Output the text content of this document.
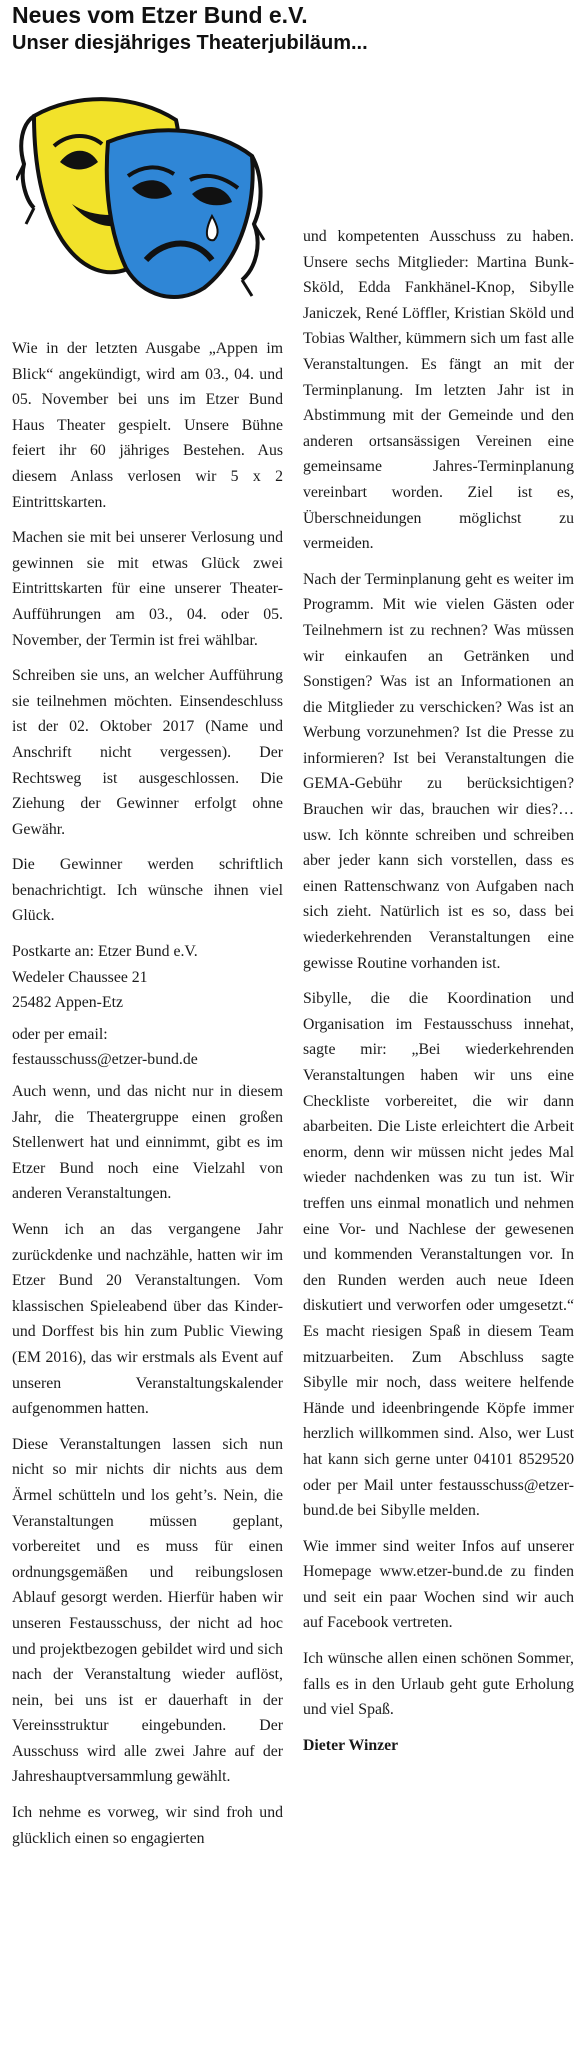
Neues vom Etzer Bund e.V.
Unser diesjähriges Theaterjubiläum...

Wie in der letzten Ausgabe „Appen im Blick“ angekündigt, wird am 03., 04. und 05. November bei uns im Etzer Bund Haus Theater gespielt. Unsere Bühne feiert ihr 60 jähriges Bestehen. Aus diesem Anlass verlosen wir 5 x 2 Eintrittskarten.

Machen sie mit bei unserer Verlosung und gewinnen sie mit etwas Glück zwei Eintrittskarten für eine unserer Theater-Aufführungen am 03., 04. oder 05. November, der Termin ist frei wählbar.

Schreiben sie uns, an welcher Aufführung sie teilnehmen möchten. Einsendeschluss ist der 02. Oktober 2017 (Name und Anschrift nicht vergessen). Der Rechtsweg ist ausgeschlossen. Die Ziehung der Gewinner erfolgt ohne Gewähr.

Die Gewinner werden schriftlich benachrichtigt. Ich wünsche ihnen viel Glück.

Postkarte an: Etzer Bund e.V.
Wedeler Chaussee 21
25482 Appen-Etz

oder per email:
festausschuss@etzer-bund.de

Auch wenn, und das nicht nur in diesem Jahr, die Theatergruppe einen großen Stellenwert hat und einnimmt, gibt es im Etzer Bund noch eine Vielzahl von anderen Veranstaltungen.

Wenn ich an das vergangene Jahr zurückdenke und nachzähle, hatten wir im Etzer Bund 20 Veranstaltungen. Vom klassischen Spieleabend über das Kinder- und Dorffest bis hin zum Public Viewing (EM 2016), das wir erstmals als Event auf unseren Veranstaltungskalender aufgenommen hatten.

Diese Veranstaltungen lassen sich nun nicht so mir nichts dir nichts aus dem Ärmel schütteln und los geht’s. Nein, die Veranstaltungen müssen geplant, vorbereitet und es muss für einen ordnungsgemäßen und reibungslosen Ablauf gesorgt werden. Hierfür haben wir unseren Festausschuss, der nicht ad hoc und projektbezogen gebildet wird und sich nach der Veranstaltung wieder auflöst, nein, bei uns ist er dauerhaft in der Vereinsstruktur eingebunden. Der Ausschuss wird alle zwei Jahre auf der Jahreshauptversammlung gewählt.

Ich nehme es vorweg, wir sind froh und glücklich einen so engagierten

und kompetenten Ausschuss zu haben. Unsere sechs Mitglieder: Martina Bunk-Sköld, Edda Fankhänel-Knop, Sibylle Janiczek, René Löffler, Kristian Sköld und Tobias Walther, kümmern sich um fast alle Veranstaltungen. Es fängt an mit der Terminplanung. Im letzten Jahr ist in Abstimmung mit der Gemeinde und den anderen ortsansässigen Vereinen eine gemeinsame Jahres-Terminplanung vereinbart worden. Ziel ist es, Überschneidungen möglichst zu vermeiden.

Nach der Terminplanung geht es weiter im Programm. Mit wie vielen Gästen oder Teilnehmern ist zu rechnen? Was müssen wir einkaufen an Getränken und Sonstigen? Was ist an Informationen an die Mitglieder zu verschicken? Was ist an Werbung vorzunehmen? Ist die Presse zu informieren? Ist bei Veranstaltungen die GEMA-Gebühr zu berücksichtigen? Brauchen wir das, brauchen wir dies?…usw. Ich könnte schreiben und schreiben aber jeder kann sich vorstellen, dass es einen Rattenschwanz von Aufgaben nach sich zieht. Natürlich ist es so, dass bei wiederkehrenden Veranstaltungen eine gewisse Routine vorhanden ist.

Sibylle, die die Koordination und Organisation im Festausschuss innehat, sagte mir: „Bei wiederkehrenden Veranstaltungen haben wir uns eine Checkliste vorbereitet, die wir dann abarbeiten. Die Liste erleichtert die Arbeit enorm, denn wir müssen nicht jedes Mal wieder nachdenken was zu tun ist. Wir treffen uns einmal monatlich und nehmen eine Vor- und Nachlese der gewesenen und kommenden Veranstaltungen vor. In den Runden werden auch neue Ideen diskutiert und verworfen oder umgesetzt.“ Es macht riesigen Spaß in diesem Team mitzuarbeiten. Zum Abschluss sagte Sibylle mir noch, dass weitere helfende Hände und ideenbringende Köpfe immer herzlich willkommen sind. Also, wer Lust hat kann sich gerne unter 04101 8529520 oder per Mail unter festausschuss@etzer-bund.de bei Sibylle melden.

Wie immer sind weiter Infos auf unserer Homepage www.etzer-bund.de zu finden und seit ein paar Wochen sind wir auch auf Facebook vertreten.

Ich wünsche allen einen schönen Sommer, falls es in den Urlaub geht gute Erholung und viel Spaß.

Dieter Winzer
